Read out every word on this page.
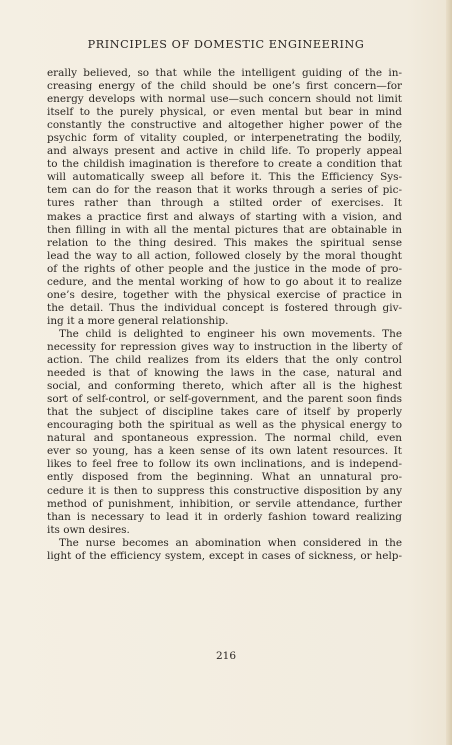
PRINCIPLES OF DOMESTIC ENGINEERING
erally believed, so that while the intelligent guiding of the in-
creasing energy of the child should be one’s first concern—for
energy develops with normal use—such concern should not limit
itself to the purely physical, or even mental but bear in mind
constantly the constructive and altogether higher power of the
psychic form of vitality coupled, or interpenetrating the bodily,
and always present and active in child life. To properly appeal
to the childish imagination is therefore to create a condition that
will automatically sweep all before it. This the Efficiency Sys-
tem can do for the reason that it works through a series of pic-
tures rather than through a stilted order of exercises. It
makes a practice first and always of starting with a vision, and
then filling in with all the mental pictures that are obtainable in
relation to the thing desired. This makes the spiritual sense
lead the way to all action, followed closely by the moral thought
of the rights of other people and the justice in the mode of pro-
cedure, and the mental working of how to go about it to realize
one’s desire, together with the physical exercise of practice in
the detail. Thus the individual concept is fostered through giv-
ing it a more general relationship.
The child is delighted to engineer his own movements. The
necessity for repression gives way to instruction in the liberty of
action. The child realizes from its elders that the only control
needed is that of knowing the laws in the case, natural and
social, and conforming thereto, which after all is the highest
sort of self-control, or self-government, and the parent soon finds
that the subject of discipline takes care of itself by properly
encouraging both the spiritual as well as the physical energy to
natural and spontaneous expression. The normal child, even
ever so young, has a keen sense of its own latent resources. It
likes to feel free to follow its own inclinations, and is independ-
ently disposed from the beginning. What an unnatural pro-
cedure it is then to suppress this constructive disposition by any
method of punishment, inhibition, or servile attendance, further
than is necessary to lead it in orderly fashion toward realizing
its own desires.
The nurse becomes an abomination when considered in the
light of the efficiency system, except in cases of sickness, or help-
216
